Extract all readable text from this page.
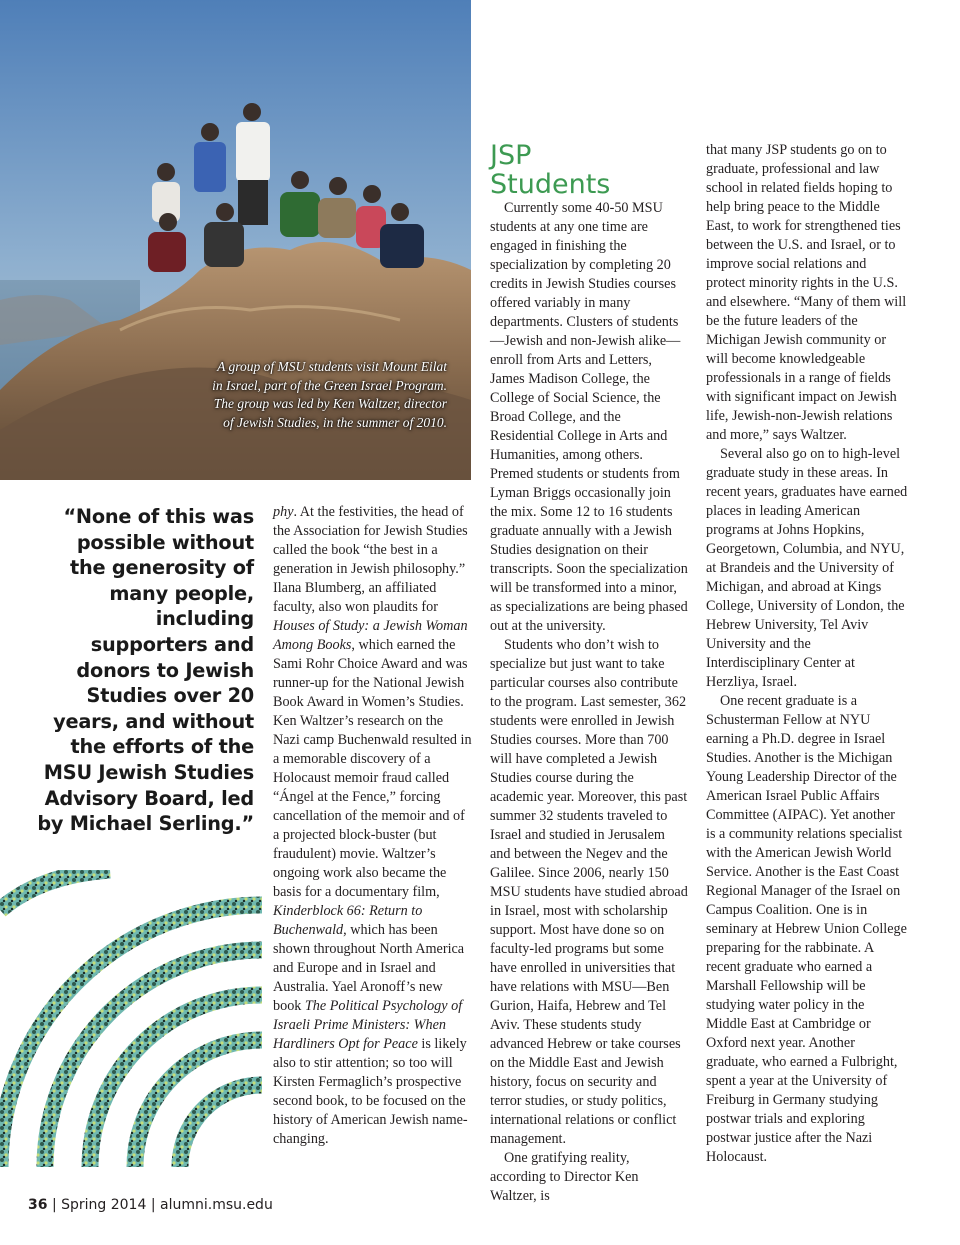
A group of MSU students visit Mount Eilat in Israel, part of the Green Israel Program. The group was led by Ken Waltzer, director of Jewish Studies, in the summer of 2010.
“None of this was possible without the generosity of many people, including supporters and donors to Jewish Studies over 20 years, and without the efforts of the MSU Jewish Studies Advisory Board, led by Michael Serling.”

phy. At the festivities, the head of the Association for Jewish Studies called the book “the best in a generation in Jewish philosophy.” Ilana Blumberg, an affiliated faculty, also won plaudits for Houses of Study: a Jewish Woman Among Books, which earned the Sami Rohr Choice Award and was runner-up for the National Jewish Book Award in Women’s Studies. Ken Waltzer’s research on the Nazi camp Buchenwald resulted in a memorable discovery of a Holocaust memoir fraud called “Ángel at the Fence,” forcing cancellation of the memoir and of a projected block-buster (but fraudulent) movie. Waltzer’s ongoing work also became the basis for a documentary film, Kinderblock 66: Return to Buchenwald, which has been shown throughout North America and Europe and in Israel and Australia. Yael Aronoff’s new book The Political Psychology of Israeli Prime Ministers: When Hardliners Opt for Peace is likely also to stir attention; so too will Kirsten Fermaglich’s prospective second book, to be focused on the history of American Jewish name-changing.

JSP
Students

Currently some 40-50 MSU students at any one time are engaged in finishing the specialization by completing 20 credits in Jewish Studies courses offered variably in many departments. Clusters of students—Jewish and non-Jewish alike—enroll from Arts and Letters, James Madison College, the College of Social Science, the Broad College, and the Residential College in Arts and Humanities, among others. Premed students or students from Lyman Briggs occasionally join the mix. Some 12 to 16 students graduate annually with a Jewish Studies designation on their transcripts. Soon the specialization will be transformed into a minor, as specializations are being phased out at the university.

Students who don’t wish to specialize but just want to take particular courses also contribute to the program. Last semester, 362 students were enrolled in Jewish Studies courses. More than 700 will have completed a Jewish Studies course during the academic year. Moreover, this past summer 32 students traveled to Israel and studied in Jerusalem and between the Negev and the Galilee. Since 2006, nearly 150 MSU students have studied abroad in Israel, most with scholarship support. Most have done so on faculty-led programs but some have enrolled in universities that have relations with MSU—Ben Gurion, Haifa, Hebrew and Tel Aviv. These students study advanced Hebrew or take courses on the Middle East and Jewish history, focus on security and terror studies, or study politics, international relations or conflict management.

One gratifying reality, according to Director Ken Waltzer, is

that many JSP students go on to graduate, professional and law school in related fields hoping to help bring peace to the Middle East, to work for strengthened ties between the U.S. and Israel, or to improve social relations and protect minority rights in the U.S. and elsewhere. “Many of them will be the future leaders of the Michigan Jewish community or will become knowledgeable professionals in a range of fields with significant impact on Jewish life, Jewish-non-Jewish relations and more,” says Waltzer.

Several also go on to high-level graduate study in these areas. In recent years, graduates have earned places in leading American programs at Johns Hopkins, Georgetown, Columbia, and NYU, at Brandeis and the University of Michigan, and abroad at Kings College, University of London, the Hebrew University, Tel Aviv University and the Interdisciplinary Center at Herzliya, Israel.

One recent graduate is a Schusterman Fellow at NYU earning a Ph.D. degree in Israel Studies. Another is the Michigan Young Leadership Director of the American Israel Public Affairs Committee (AIPAC). Yet another is a community relations specialist with the American Jewish World Service. Another is the East Coast Regional Manager of the Israel on Campus Coalition. One is in seminary at Hebrew Union College preparing for the rabbinate. A recent graduate who earned a Marshall Fellowship will be studying water policy in the Middle East at Cambridge or Oxford next year. Another graduate, who earned a Fulbright, spent a year at the University of Freiburg in Germany studying postwar trials and exploring postwar justice after the Nazi Holocaust.

36 | Spring 2014 | alumni.msu.edu
